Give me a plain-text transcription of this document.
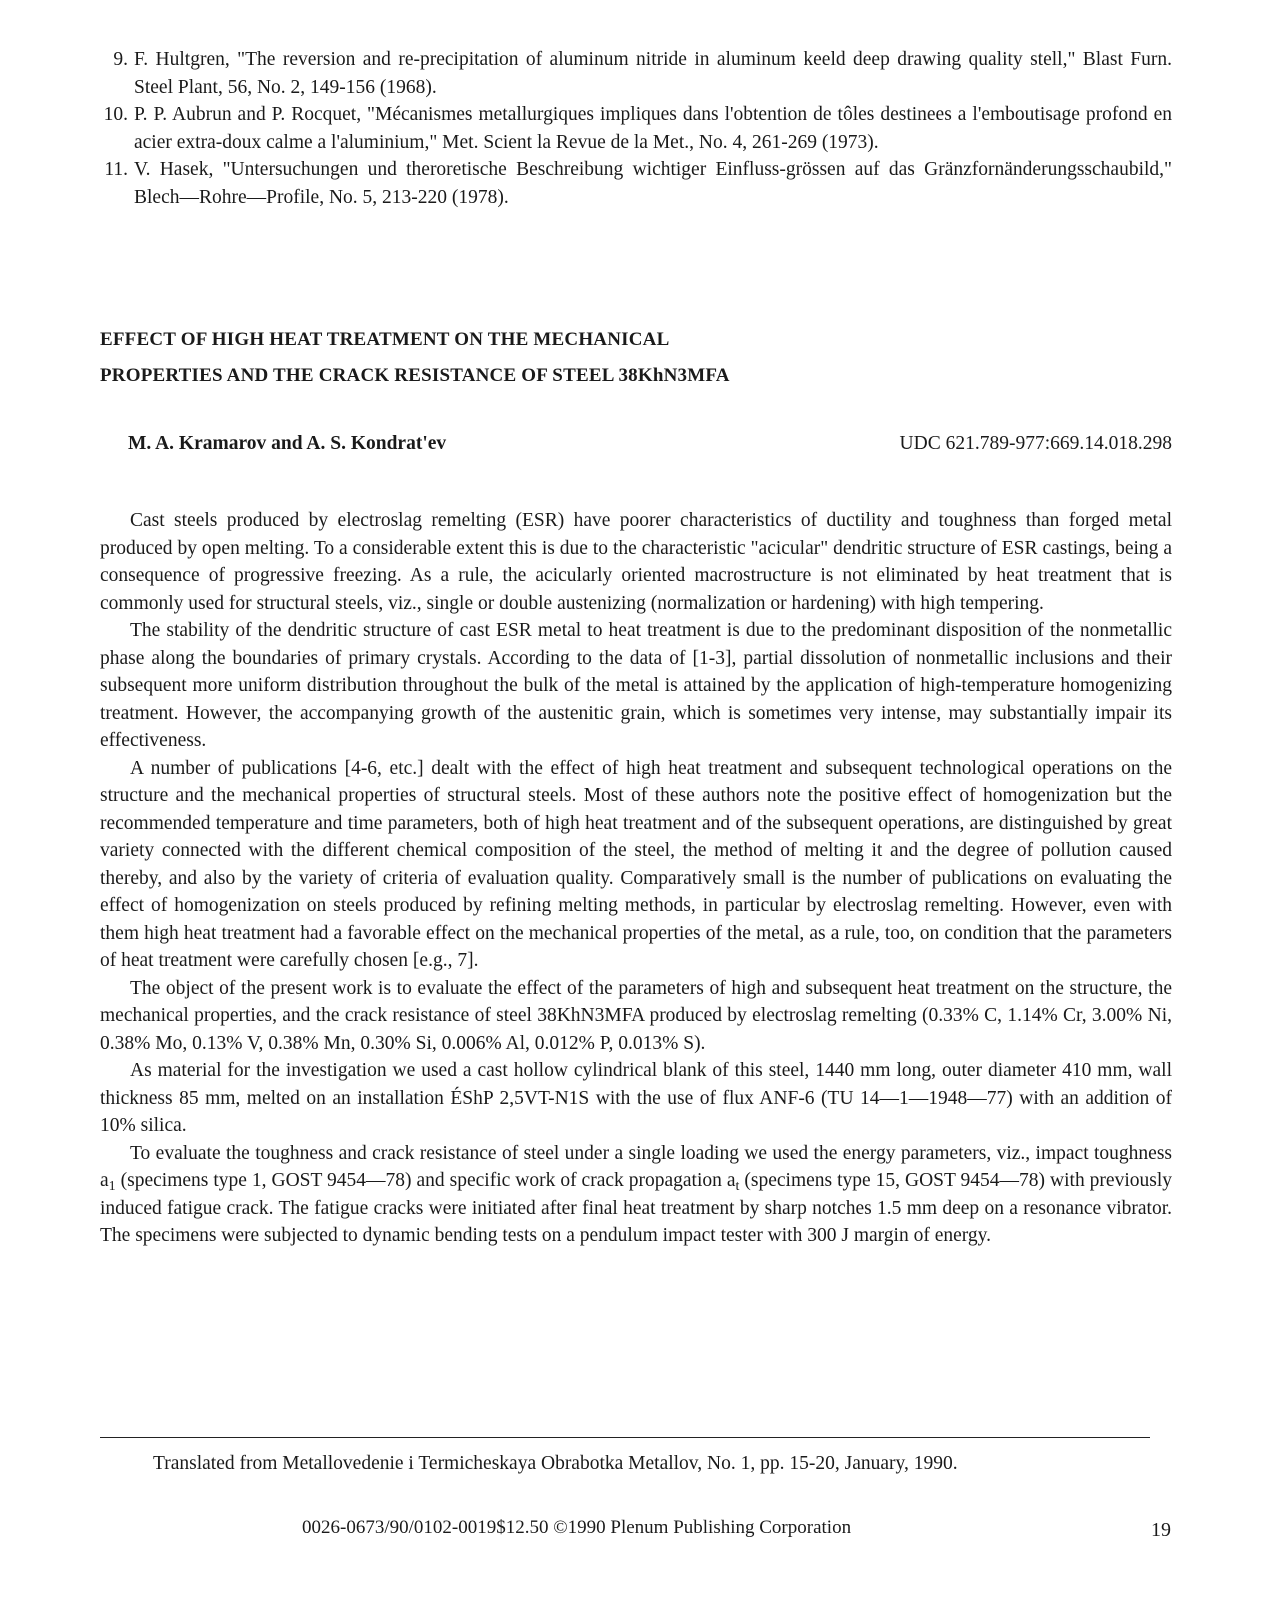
9. F. Hultgren, "The reversion and re-precipitation of aluminum nitride in aluminum keeld deep drawing quality stell," Blast Furn. Steel Plant, 56, No. 2, 149-156 (1968).
10. P. P. Aubrun and P. Rocquet, "Mécanismes metallurgiques impliques dans l'obtention de tôles destinees a l'emboutisage profond en acier extra-doux calme a l'aluminium," Met. Scient la Revue de la Met., No. 4, 261-269 (1973).
11. V. Hasek, "Untersuchungen und theroretische Beschreibung wichtiger Einfluss-grössen auf das Gränzfornänderungsschaubild," Blech—Rohre—Profile, No. 5, 213-220 (1978).
EFFECT OF HIGH HEAT TREATMENT ON THE MECHANICAL
PROPERTIES AND THE CRACK RESISTANCE OF STEEL 38KhN3MFA
M. A. Kramarov and A. S. Kondrat'ev	UDC 621.789-977:669.14.018.298

Cast steels produced by electroslag remelting (ESR) have poorer characteristics of ductility and toughness than forged metal produced by open melting. To a considerable extent this is due to the characteristic "acicular" dendritic structure of ESR castings, being a consequence of progressive freezing. As a rule, the acicularly oriented macrostructure is not eliminated by heat treatment that is commonly used for structural steels, viz., single or double austenizing (normalization or hardening) with high tempering.

The stability of the dendritic structure of cast ESR metal to heat treatment is due to the predominant disposition of the nonmetallic phase along the boundaries of primary crystals. According to the data of [1-3], partial dissolution of nonmetallic inclusions and their subsequent more uniform distribution throughout the bulk of the metal is attained by the application of high-temperature homogenizing treatment. However, the accompanying growth of the austenitic grain, which is sometimes very intense, may substantially impair its effectiveness.

A number of publications [4-6, etc.] dealt with the effect of high heat treatment and subsequent technological operations on the structure and the mechanical properties of structural steels. Most of these authors note the positive effect of homogenization but the recommended temperature and time parameters, both of high heat treatment and of the subsequent operations, are distinguished by great variety connected with the different chemical composition of the steel, the method of melting it and the degree of pollution caused thereby, and also by the variety of criteria of evaluation quality. Comparatively small is the number of publications on evaluating the effect of homogenization on steels produced by refining melting methods, in particular by electroslag remelting. However, even with them high heat treatment had a favorable effect on the mechanical properties of the metal, as a rule, too, on condition that the parameters of heat treatment were carefully chosen [e.g., 7].

The object of the present work is to evaluate the effect of the parameters of high and subsequent heat treatment on the structure, the mechanical properties, and the crack resistance of steel 38KhN3MFA produced by electroslag remelting (0.33% C, 1.14% Cr, 3.00% Ni, 0.38% Mo, 0.13% V, 0.38% Mn, 0.30% Si, 0.006% Al, 0.012% P, 0.013% S).

As material for the investigation we used a cast hollow cylindrical blank of this steel, 1440 mm long, outer diameter 410 mm, wall thickness 85 mm, melted on an installation ÉShP 2,5VT-N1S with the use of flux ANF-6 (TU 14—1—1948—77) with an addition of 10% silica.

To evaluate the toughness and crack resistance of steel under a single loading we used the energy parameters, viz., impact toughness $a_1$ (specimens type 1, GOST 9454—78) and specific work of crack propagation $a_t$ (specimens type 15, GOST 9454—78) with previously induced fatigue crack. The fatigue cracks were initiated after final heat treatment by sharp notches 1.5 mm deep on a resonance vibrator. The specimens were subjected to dynamic bending tests on a pendulum impact tester with 300 J margin of energy.

Translated from Metallovedenie i Termicheskaya Obrabotka Metallov, No. 1, pp. 15-20, January, 1990.
0026-0673/90/0102-0019$12.50 ©1990 Plenum Publishing Corporation	19
